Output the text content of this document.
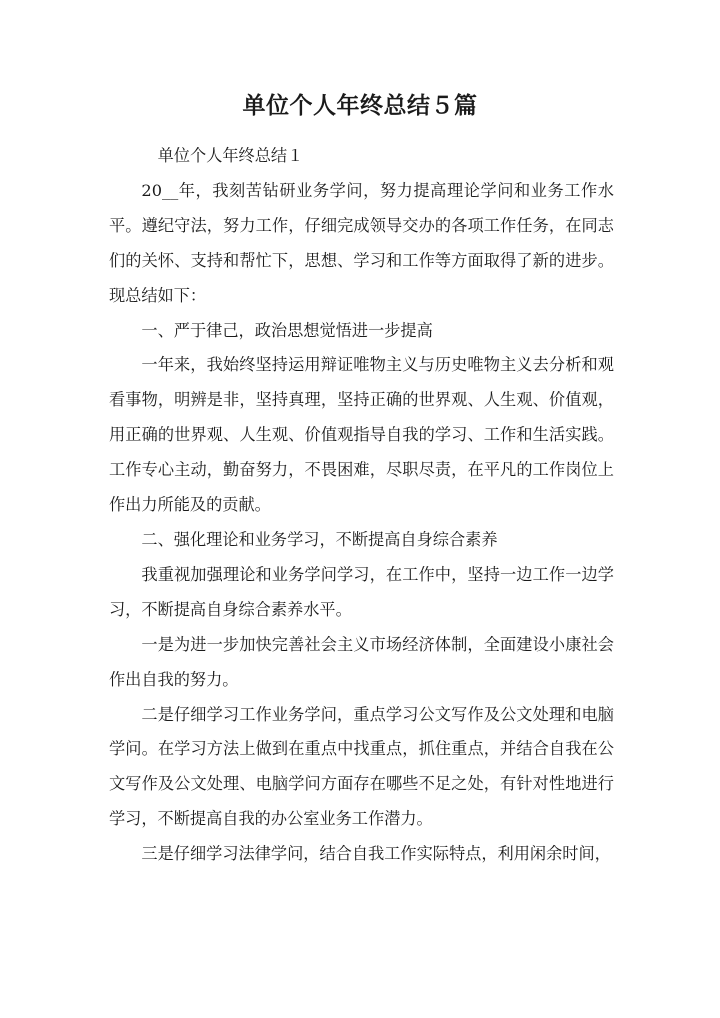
单位个人年终总结５篇

单位个人年终总结１

20__年，我刻苦钻研业务学问，努力提高理论学问和业务工作水平。遵纪守法，努力工作，仔细完成领导交办的各项工作任务，在同志们的关怀、支持和帮忙下，思想、学习和工作等方面取得了新的进步。现总结如下：

一、严于律己，政治思想觉悟进一步提高

一年来，我始终坚持运用辩证唯物主义与历史唯物主义去分析和观看事物，明辨是非，坚持真理，坚持正确的世界观、人生观、价值观，用正确的世界观、人生观、价值观指导自我的学习、工作和生活实践。工作专心主动，勤奋努力，不畏困难，尽职尽责，在平凡的工作岗位上作出力所能及的贡献。

二、强化理论和业务学习，不断提高自身综合素养

我重视加强理论和业务学问学习，在工作中，坚持一边工作一边学习，不断提高自身综合素养水平。

一是为进一步加快完善社会主义市场经济体制，全面建设小康社会作出自我的努力。

二是仔细学习工作业务学问，重点学习公文写作及公文处理和电脑学问。在学习方法上做到在重点中找重点，抓住重点，并结合自我在公文写作及公文处理、电脑学问方面存在哪些不足之处，有针对性地进行学习，不断提高自我的办公室业务工作潜力。

三是仔细学习法律学问，结合自我工作实际特点，利用闲余时间，
